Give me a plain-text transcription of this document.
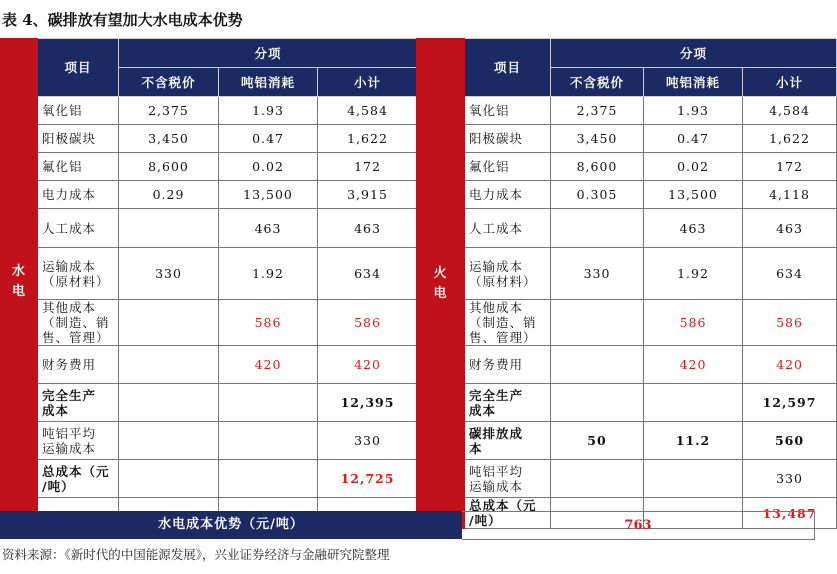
表 4、碳排放有望加大水电成本优势
水
电	项目	分项		
		不含税价	吨铝消耗	小计
	氧化铝	2,375	1.93	4,584
	阳极碳块	3,450	0.47	1,622
	氟化铝	8,600	0.02	172
	电力成本	0.29	13,500	3,915
	人工成本		463	463
	运输成本
（原材料）	330	1.92	634
	其他成本
（制造、销
售、管理）		586	586
	财务费用		420	420
	完全生产
成本			12,395
	吨铝平均
运输成本			330
	总成本（元
/吨）			12,725

火
电	项目	分项		
		不含税价	吨铝消耗	小计
	氧化铝	2,375	1.93	4,584
	阳极碳块	3,450	0.47	1,622
	氟化铝	8,600	0.02	172
	电力成本	0.305	13,500	4,118
	人工成本		463	463
	运输成本
（原材料）	330	1.92	634
	其他成本
（制造、销
售、管理）		586	586
	财务费用		420	420
	完全生产
成本			12,597
	碳排放成
本	50	11.2	560
	吨铝平均
运输成本			330
	总成本（元
/吨）			13,487
水电成本优势（元/吨）	763
资料来源：《新时代的中国能源发展》，兴业证券经济与金融研究院整理
